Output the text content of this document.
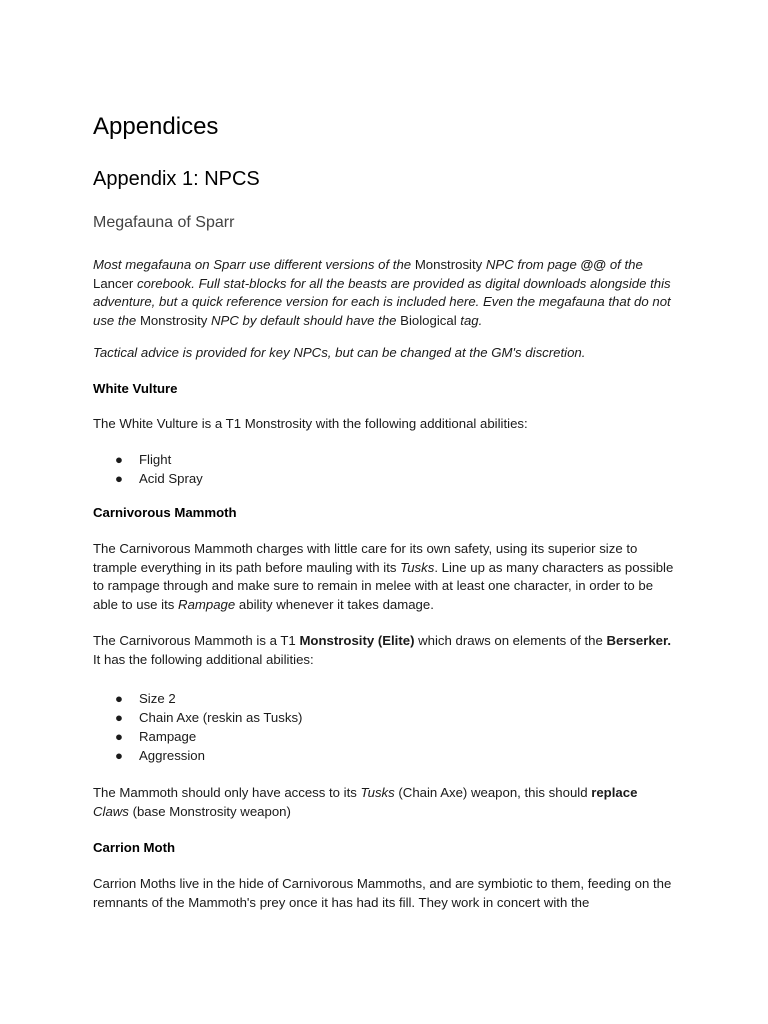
Appendices
Appendix 1: NPCS
Megafauna of Sparr

Most megafauna on Sparr use different versions of the Monstrosity NPC from page @@ of the Lancer corebook. Full stat-blocks for all the beasts are provided as digital downloads alongside this adventure, but a quick reference version for each is included here. Even the megafauna that do not use the Monstrosity NPC by default should have the Biological tag.

Tactical advice is provided for key NPCs, but can be changed at the GM's discretion.

White Vulture

The White Vulture is a T1 Monstrosity with the following additional abilities:

● Flight
● Acid Spray

Carnivorous Mammoth

The Carnivorous Mammoth charges with little care for its own safety, using its superior size to trample everything in its path before mauling with its Tusks. Line up as many characters as possible to rampage through and make sure to remain in melee with at least one character, in order to be able to use its Rampage ability whenever it takes damage.

The Carnivorous Mammoth is a T1 Monstrosity (Elite) which draws on elements of the Berserker. It has the following additional abilities:

● Size 2
● Chain Axe (reskin as Tusks)
● Rampage
● Aggression

The Mammoth should only have access to its Tusks (Chain Axe) weapon, this should replace Claws (base Monstrosity weapon)

Carrion Moth

Carrion Moths live in the hide of Carnivorous Mammoths, and are symbiotic to them, feeding on the remnants of the Mammoth's prey once it has had its fill. They work in concert with the
